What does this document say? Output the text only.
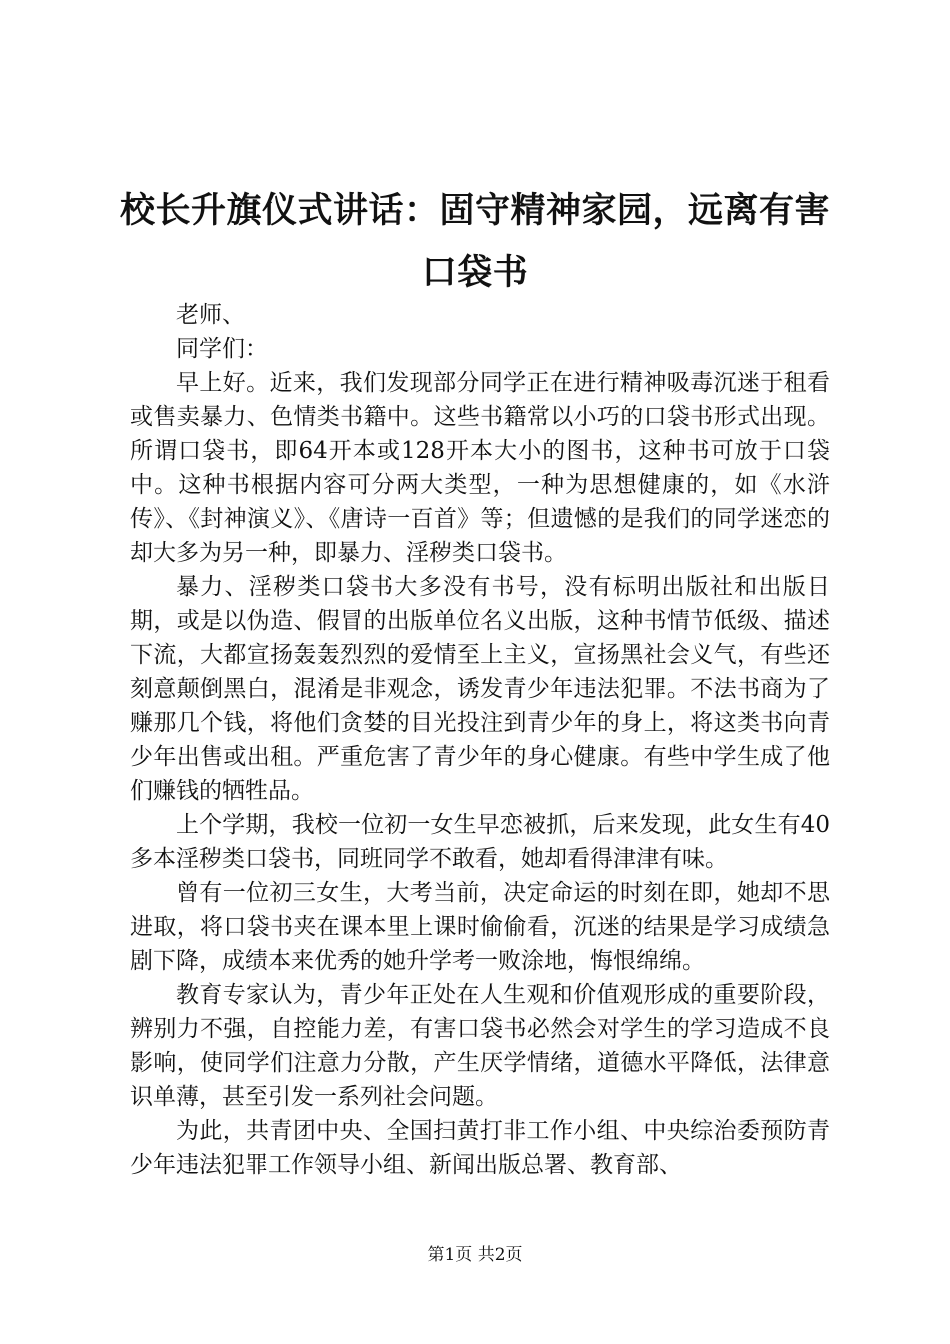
校长升旗仪式讲话：固守精神家园，远离有害口袋书

老师、

同学们：

早上好。近来，我们发现部分同学正在进行精神吸毒沉迷于租看或售卖暴力、色情类书籍中。这些书籍常以小巧的口袋书形式出现。所谓口袋书，即64开本或128开本大小的图书，这种书可放于口袋中。这种书根据内容可分两大类型，一种为思想健康的，如《水浒传》、《封神演义》、《唐诗一百首》等；但遗憾的是我们的同学迷恋的却大多为另一种，即暴力、淫秽类口袋书。

暴力、淫秽类口袋书大多没有书号，没有标明出版社和出版日期，或是以伪造、假冒的出版单位名义出版，这种书情节低级、描述下流，大都宣扬轰轰烈烈的爱情至上主义，宣扬黑社会义气，有些还刻意颠倒黑白，混淆是非观念，诱发青少年违法犯罪。不法书商为了赚那几个钱，将他们贪婪的目光投注到青少年的身上，将这类书向青少年出售或出租。严重危害了青少年的身心健康。有些中学生成了他们赚钱的牺牲品。

上个学期，我校一位初一女生早恋被抓，后来发现，此女生有40多本淫秽类口袋书，同班同学不敢看，她却看得津津有味。

曾有一位初三女生，大考当前，决定命运的时刻在即，她却不思进取，将口袋书夹在课本里上课时偷偷看，沉迷的结果是学习成绩急剧下降，成绩本来优秀的她升学考一败涂地，悔恨绵绵。

教育专家认为，青少年正处在人生观和价值观形成的重要阶段，辨别力不强，自控能力差，有害口袋书必然会对学生的学习造成不良影响，使同学们注意力分散，产生厌学情绪，道德水平降低，法律意识单薄，甚至引发一系列社会问题。

为此，共青团中央、全国扫黄打非工作小组、中央综治委预防青少年违法犯罪工作领导小组、新闻出版总署、教育部、

第1页 共2页
